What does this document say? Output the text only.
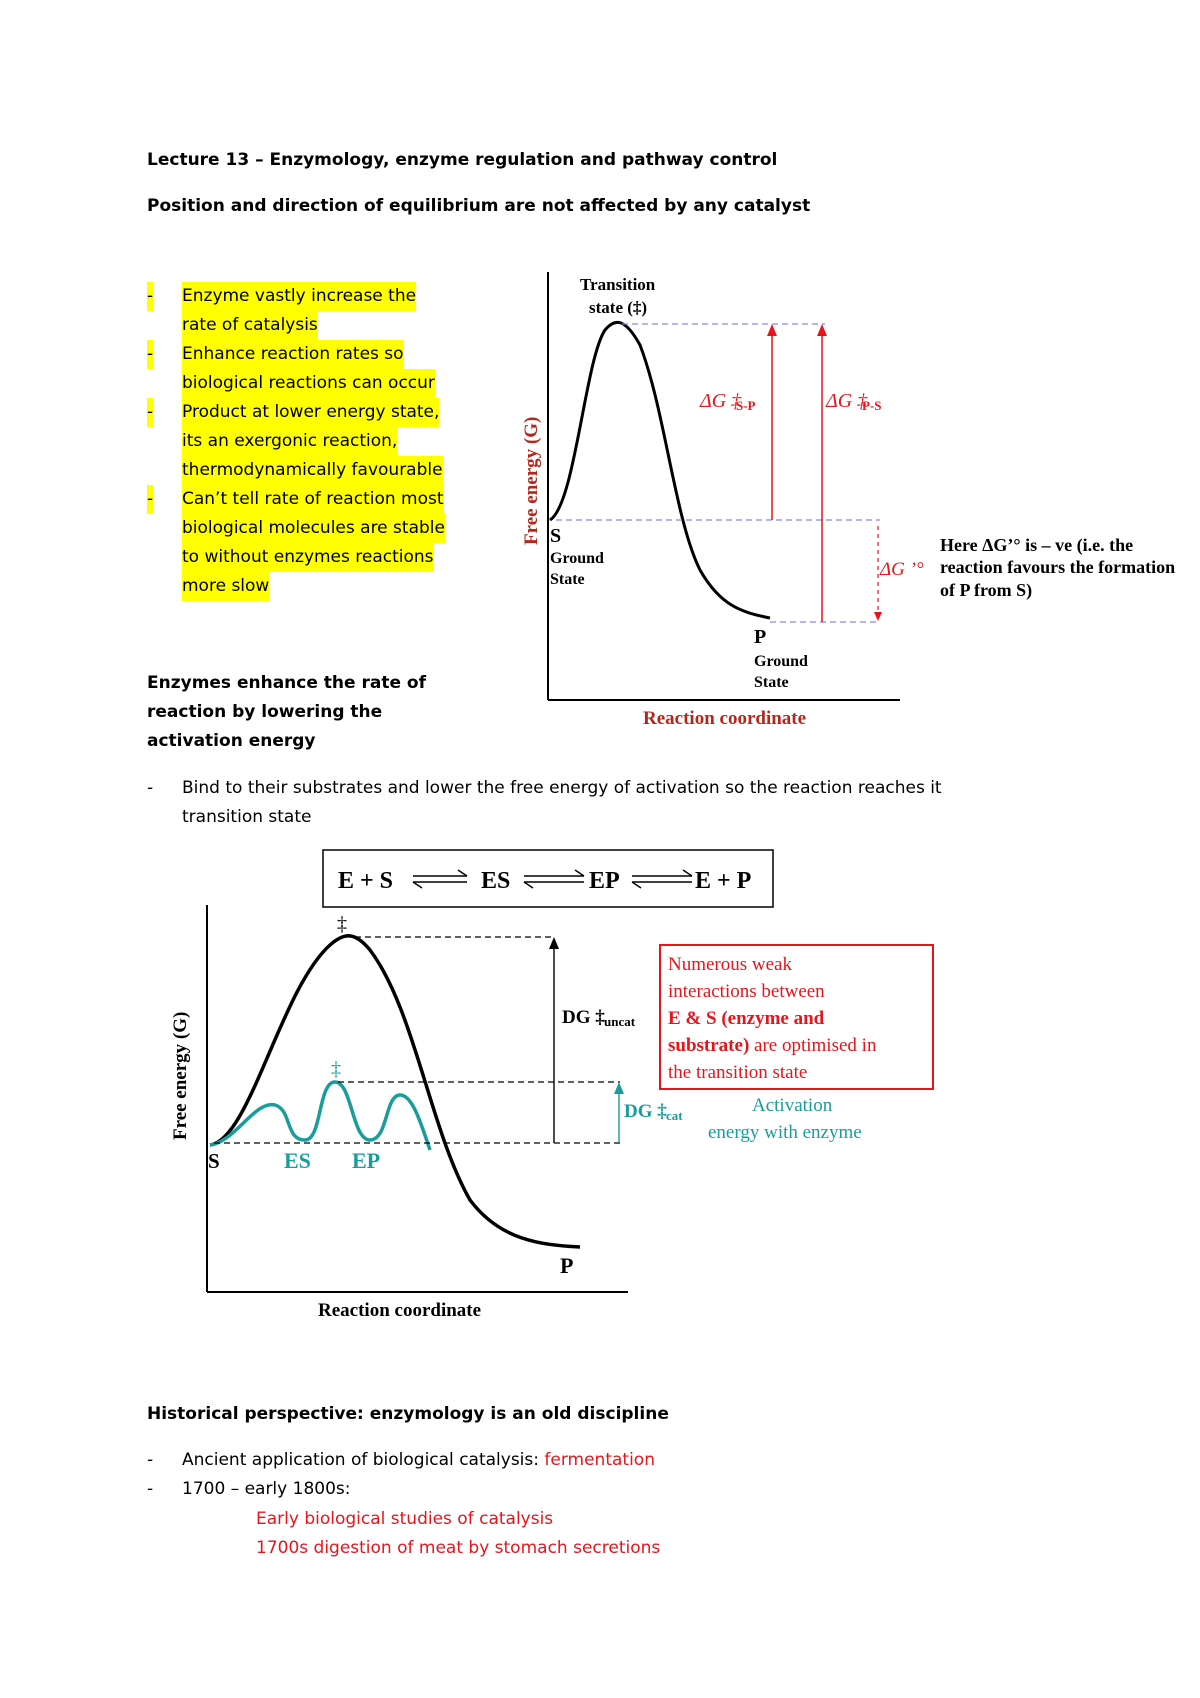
Lecture 13 – Enzymology, enzyme regulation and pathway control
Position and direction of equilibrium are not affected by any catalyst
- Enzyme vastly increase the
rate of catalysis
- Enhance reaction rates so
biological reactions can occur
- Product at lower energy state,
its an exergonic reaction,
thermodynamically favourable
- Can’t tell rate of reaction most
biological molecules are stable
to without enzymes reactions
more slow
Transition
state (‡)
Free energy (G)
Reaction coordinate
ΔG ‡
S-P	ΔG ‡
P-S
ΔG ’°
S
Ground
State
P
Ground
State
Here ΔG’° is – ve (i.e. the
reaction favours the formation
of P from S)
Enzymes enhance the rate of
reaction by lowering the
activation energy
- Bind to their substrates and lower the free energy of activation so the reaction reaches it
transition state
E + S	ES	EP	E + P
‡
‡
Free energy (G)
Reaction coordinate
DG ‡ uncat
DG ‡ cat
S	ES EP
P
Numerous weak
interactions between
E & S (enzyme and
substrate) are optimised in
the transition state
Activation
energy with enzyme
Historical perspective: enzymology is an old discipline
- Ancient application of biological catalysis: fermentation
- 1700 – early 1800s:
Early biological studies of catalysis
1700s digestion of meat by stomach secretions
